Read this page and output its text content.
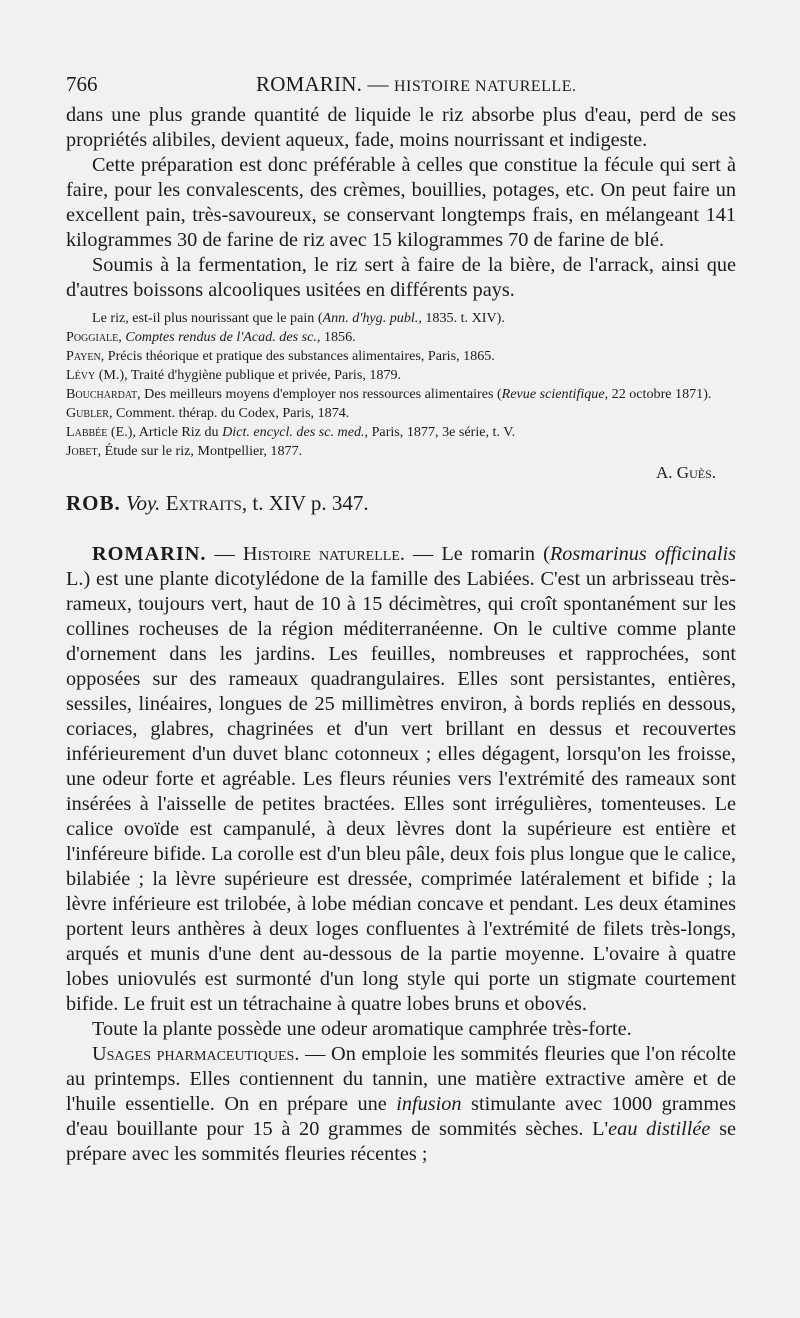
766	ROMARIN. —
HISTOIRE NATURELLE.

dans une plus grande quantité de liquide le riz absorbe plus d'eau, perd de ses propriétés alibiles, devient aqueux, fade, moins nourrissant et indigeste.

Cette préparation est donc préférable à celles que constitue la fécule qui sert à faire, pour les convalescents, des crèmes, bouillies, potages, etc. On peut faire un excellent pain, très-savoureux, se conservant longtemps frais, en mélangeant 141 kilogrammes 30 de farine de riz avec 15 kilogrammes 70 de farine de blé.

Soumis à la fermentation, le riz sert à faire de la bière, de l'arrack, ainsi que d'autres boissons alcooliques usitées en différents pays.

Le riz, est-il plus nourissant que le pain (Ann. d'hyg. publ., 1835. t. XIV).

Poggiale, Comptes rendus de l'Acad. des sc., 1856.

Payen, Précis théorique et pratique des substances alimentaires, Paris, 1865.

Lévy (M.), Traité d'hygiène publique et privée, Paris, 1879.

Bouchardat, Des meilleurs moyens d'employer nos ressources alimentaires (Revue scientifique, 22 octobre 1871).

Gubler, Comment. thérap. du Codex, Paris, 1874.

Labbée (E.), Article Riz du Dict. encycl. des sc. med., Paris, 1877, 3e série, t. V.

Jobet, Étude sur le riz, Montpellier, 1877.

A. Guès.
ROB. Voy. Extraits, t. XIV p. 347.

ROMARIN. — Histoire naturelle. — Le romarin (Rosmarinus officinalis L.) est une plante dicotylédone de la famille des Labiées. C'est un arbrisseau très-rameux, toujours vert, haut de 10 à 15 décimètres, qui croît spontanément sur les collines rocheuses de la région méditerranéenne. On le cultive comme plante d'ornement dans les jardins. Les feuilles, nombreuses et rapprochées, sont opposées sur des rameaux quadrangulaires. Elles sont persistantes, entières, sessiles, linéaires, longues de 25 millimètres environ, à bords repliés en dessous, coriaces, glabres, chagrinées et d'un vert brillant en dessus et recouvertes inférieurement d'un duvet blanc cotonneux ; elles dégagent, lorsqu'on les froisse, une odeur forte et agréable. Les fleurs réunies vers l'extrémité des rameaux sont insérées à l'aisselle de petites bractées. Elles sont irrégulières, tomenteuses. Le calice ovoïde est campanulé, à deux lèvres dont la supérieure est entière et l'inféreure bifide. La corolle est d'un bleu pâle, deux fois plus longue que le calice, bilabiée ; la lèvre supérieure est dressée, comprimée latéralement et bifide ; la lèvre inférieure est trilobée, à lobe médian concave et pendant. Les deux étamines portent leurs anthères à deux loges confluentes à l'extrémité de filets très-longs, arqués et munis d'une dent au-dessous de la partie moyenne. L'ovaire à quatre lobes uniovulés est surmonté d'un long style qui porte un stigmate courtement bifide. Le fruit est un tétrachaine à quatre lobes bruns et obovés.

Toute la plante possède une odeur aromatique camphrée très-forte.

Usages pharmaceutiques. — On emploie les sommités fleuries que l'on récolte au printemps. Elles contiennent du tannin, une matière extractive amère et de l'huile essentielle. On en prépare une infusion stimulante avec 1000 grammes d'eau bouillante pour 15 à 20 grammes de sommités sèches. L'eau distillée se prépare avec les sommités fleuries récentes ;
